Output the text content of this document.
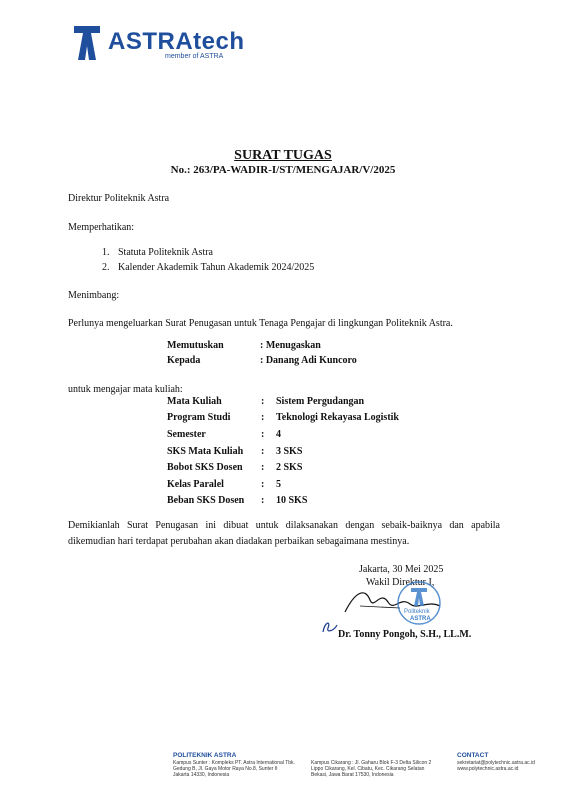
ASTRAtech
member of ASTRA
SURAT TUGAS
No.: 263/PA-WADIR-I/ST/MENGAJAR/V/2025
Direktur Politeknik Astra
Memperhatikan:
1. Statuta Politeknik Astra
2. Kalender Akademik Tahun Akademik 2024/2025
Menimbang:
Perlunya mengeluarkan Surat Penugasan untuk Tenaga Pengajar di lingkungan Politeknik Astra.
Memutuskan	: Menugaskan
Kepada	: Danang Adi Kuncoro
untuk mengajar mata kuliah:
Mata Kuliah	: Sistem Pergudangan
Program Studi	: Teknologi Rekayasa Logistik
Semester	: 4
SKS Mata Kuliah : 3 SKS
Bobot SKS Dosen : 2 SKS
Kelas Paralel	: 5
Beban SKS Dosen : 10 SKS
Demikianlah Surat Penugasan ini dibuat untuk dilaksanakan dengan sebaik-baiknya dan apabila dikemudian hari terdapat perubahan akan diadakan perbaikan sebagaimana mestinya.
Jakarta, 30 Mei 2025
Wakil Direktur I,
Politeknik
ASTRA
Dr. Tonny Pongoh, S.H., LL.M.
POLITEKNIK ASTRA
Kampus Sunter : Kompleks PT. Astra International Tbk.
Gedung B, Jl. Gaya Motor Raya No.8, Sunter II
Jakarta 14330, Indonesia
Kampus Cikarang : Jl. Gaharu Blok F-3 Delta Silicon 2
Lippo Cikarang, Kel. Cibatu, Kec. Cikarang Selatan
Bekasi, Jawa Barat 17530, Indonesia
CONTACT
sekretariat@polytechnic.astra.ac.id
www.polytechnic.astra.ac.id
